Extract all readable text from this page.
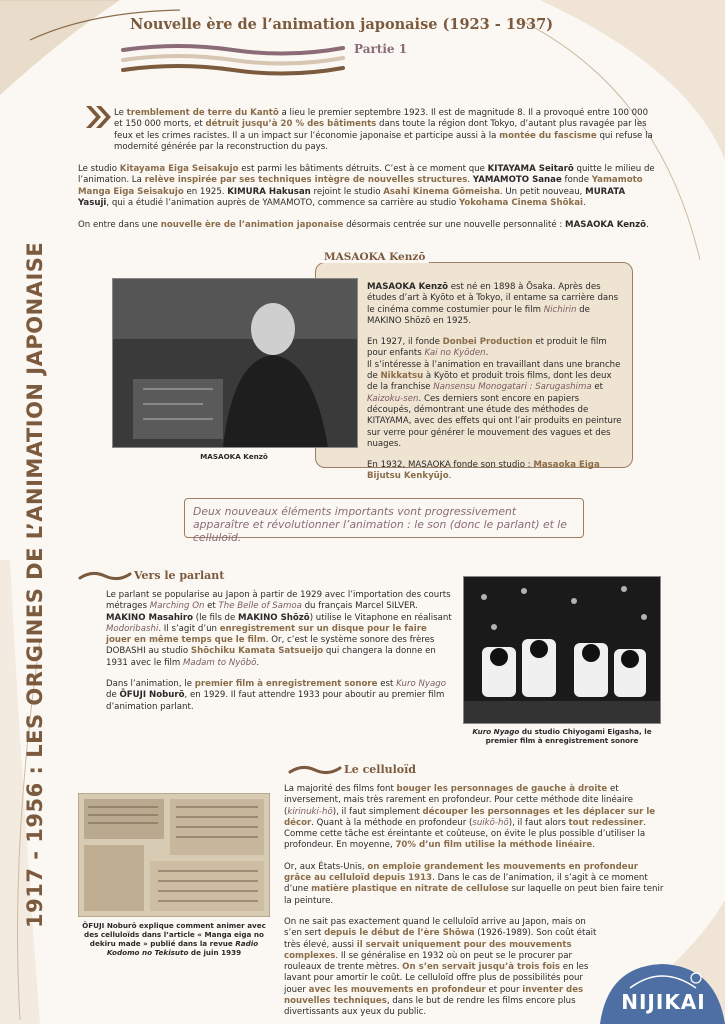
Nouvelle ère de l’animation japonaise (1923 - 1937)
Partie 1
1917 - 1956 : LES ORIGINES DE L’ANIMATION JAPONAISE

Le tremblement de terre du Kantō a lieu le premier septembre 1923. Il est de magnitude 8. Il a provoqué entre 100 000 et 150 000 morts, et détruit jusqu’à 20 % des bâtiments dans toute la région dont Tokyo, d’autant plus ravagée par les feux et les crimes racistes. Il a un impact sur l’économie japonaise et participe aussi à la montée du fascisme qui refuse la modernité générée par la reconstruction du pays.

Le studio Kitayama Eiga Seisakujo est parmi les bâtiments détruits. C’est à ce moment que KITAYAMA Seitarō quitte le milieu de l’animation. La relève inspirée par ses techniques intègre de nouvelles structures. YAMAMOTO Sanae fonde Yamamoto Manga Eiga Seisakujo en 1925. KIMURA Hakusan rejoint le studio Asahi Kinema Gōmeisha. Un petit nouveau, MURATA Yasuji, qui a étudié l’animation auprès de YAMAMOTO, commence sa carrière au studio Yokohama Cinema Shōkai.

On entre dans une nouvelle ère de l’animation japonaise désormais centrée sur une nouvelle personnalité : MASAOKA Kenzō.

MASAOKA Kenzō
MASAOKA Kenzō

MASAOKA Kenzō est né en 1898 à Ōsaka. Après des études d’art à Kyōto et à Tokyo, il entame sa carrière dans le cinéma comme costumier pour le film Nichirin de MAKINO Shōzō en 1925.

En 1927, il fonde Donbei Production et produit le film pour enfants Kai no Kyōden.

Il s’intéresse à l’animation en travaillant dans une branche de Nikkatsu à Kyōto et produit trois films, dont les deux de la franchise Nansensu Monogatari : Sarugashima et Kaizoku-sen. Ces derniers sont encore en papiers découpés, démontrant une étude des méthodes de KITAYAMA, avec des effets qui ont l’air produits en peinture sur verre pour générer le mouvement des vagues et des nuages.

En 1932, MASAOKA fonde son studio : Masaoka Eiga Bijutsu Kenkyūjo.

Deux nouveaux éléments importants vont progressivement apparaître et révolutionner l’animation : le son (donc le parlant) et le celluloïd.
Vers le parlant

Le parlant se popularise au Japon à partir de 1929 avec l’importation des courts métrages Marching On et The Belle of Samoa du français Marcel SILVER. MAKINO Masahiro (le fils de MAKINO Shōzō) utilise le Vitaphone en réalisant Modoribashi. Il s’agit d’un enregistrement sur un disque pour le faire jouer en même temps que le film. Or, c’est le système sonore des frères DOBASHI au studio Shōchiku Kamata Satsueijo qui changera la donne en 1931 avec le film Madam to Nyōbō.

Dans l’animation, le premier film à enregistrement sonore est Kuro Nyago de ŌFUJI Noburō, en 1929. Il faut attendre 1933 pour aboutir au premier film d’animation parlant.

Kuro Nyago du studio Chiyogami Eigasha, le premier film à enregistrement sonore
Le celluloïd
ŌFUJI Noburō explique comment animer avec des celluloïds dans l’article « Manga eiga no dekiru made » publié dans la revue Radio Kodomo no Tekisuto de juin 1939

La majorité des films font bouger les personnages de gauche à droite et inversement, mais très rarement en profondeur. Pour cette méthode dite linéaire (kirinuki-hō), il faut simplement découper les personnages et les déplacer sur le décor. Quant à la méthode en profondeur (suikō-hō), il faut alors tout redessiner. Comme cette tâche est éreintante et coûteuse, on évite le plus possible d’utiliser la profondeur. En moyenne, 70% d’un film utilise la méthode linéaire.

Or, aux États-Unis, on emploie grandement les mouvements en profondeur grâce au celluloïd depuis 1913. Dans le cas de l’animation, il s’agit à ce moment d’une matière plastique en nitrate de cellulose sur laquelle on peut bien faire tenir la peinture.

On ne sait pas exactement quand le celluloïd arrive au Japon, mais on s’en sert depuis le début de l’ère Shōwa (1926-1989). Son coût était très élevé, aussi il servait uniquement pour des mouvements complexes. Il se généralise en 1932 où on peut se le procurer par rouleaux de trente mètres. On s’en servait jusqu’à trois fois en les lavant pour amortir le coût. Le celluloïd offre plus de possibilités pour jouer avec les mouvements en profondeur et pour inventer des nouvelles techniques, dans le but de rendre les films encore plus divertissants aux yeux du public.	NIJIKAI
